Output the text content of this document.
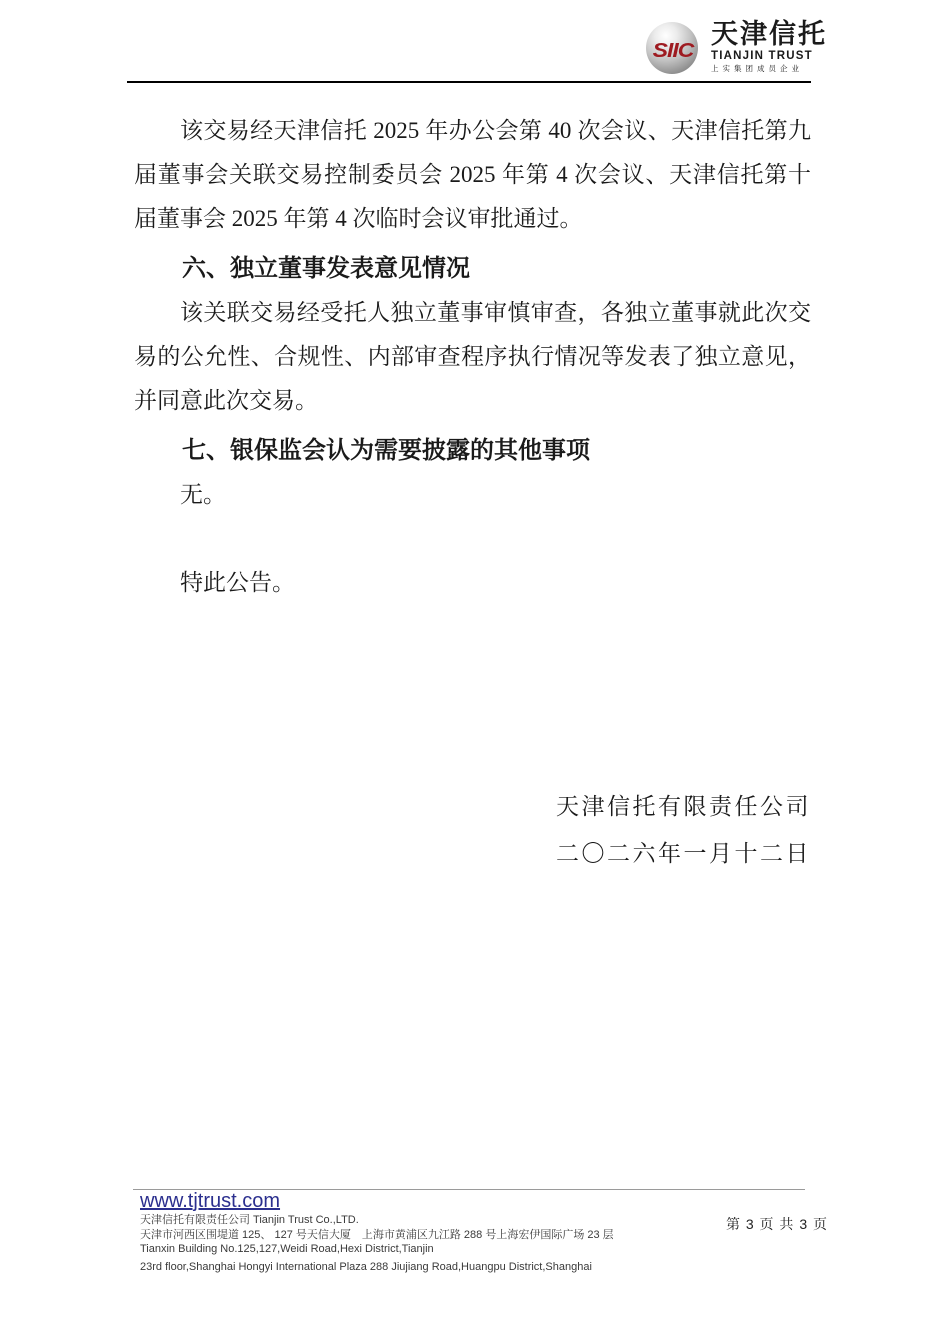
SIIC
天津信托
TIANJIN TRUST
上实集团成员企业

该交易经天津信托 2025 年办公会第 40 次会议、天津信托第九届董事会关联交易控制委员会 2025 年第 4 次会议、天津信托第十届董事会 2025 年第 4 次临时会议审批通过。

六、独立董事发表意见情况

该关联交易经受托人独立董事审慎审查，各独立董事就此次交易的公允性、合规性、内部审查程序执行情况等发表了独立意见，并同意此次交易。

七、银保监会认为需要披露的其他事项

无。

特此公告。

天津信托有限责任公司
二〇二六年一月十二日
www.tjtrust.com
天津信托有限责任公司 Tianjin Trust Co.,LTD.
天津市河西区围堤道 125、 127 号天信大厦　上海市黄浦区九江路 288 号上海宏伊国际广场 23 层
Tianxin Building No.125,127,Weidi Road,Hexi District,Tianjin
23rd floor,Shanghai Hongyi International Plaza 288 Jiujiang Road,Huangpu District,Shanghai
第 3 页 共 3 页
